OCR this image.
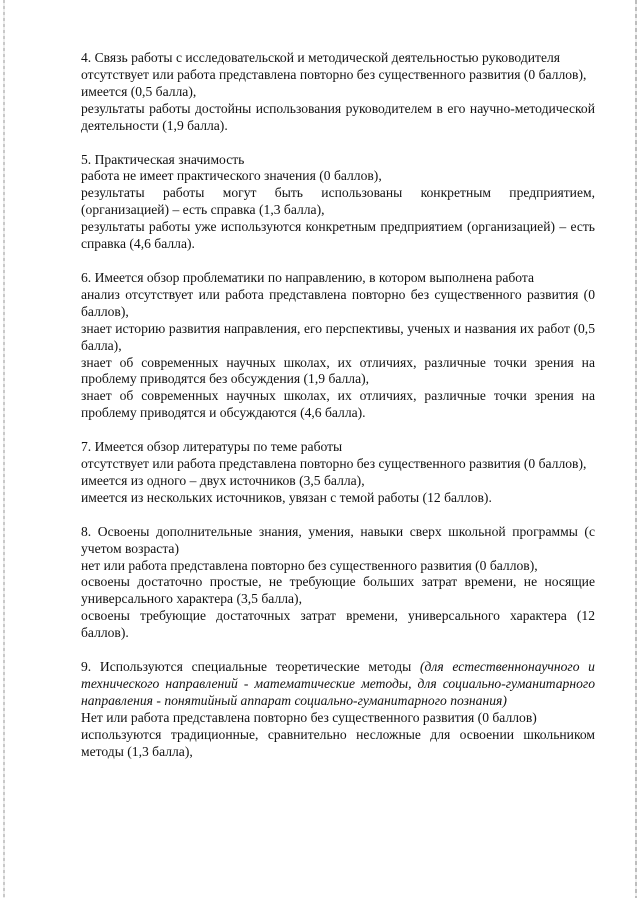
4. Связь работы с исследовательской и методической деятельностью руководителя
отсутствует или работа представлена повторно без существенного развития (0 баллов),
имеется (0,5 балла),
результаты работы достойны использования руководителем в его научно-методической деятельности (1,9 балла).
5. Практическая значимость
работа не имеет практического значения (0 баллов),
результаты работы могут быть использованы конкретным предприятием, (организацией) – есть справка (1,3 балла),
результаты работы уже используются конкретным предприятием (организацией) – есть справка (4,6 балла).
6. Имеется обзор проблематики по направлению, в котором выполнена работа
анализ отсутствует или работа представлена повторно без существенного развития (0 баллов),
знает историю развития направления, его перспективы, ученых и названия их работ (0,5 балла),
знает об современных научных школах, их отличиях, различные точки зрения на проблему приводятся без обсуждения (1,9 балла),
знает об современных научных школах, их отличиях, различные точки зрения на проблему приводятся и обсуждаются (4,6 балла).
7. Имеется обзор литературы по теме работы
отсутствует или работа представлена повторно без существенного развития (0 баллов),
имеется из одного – двух источников (3,5 балла),
имеется из нескольких источников, увязан с темой работы (12 баллов).
8. Освоены дополнительные знания, умения, навыки сверх школьной программы (с учетом возраста)
нет или работа представлена повторно без существенного развития (0 баллов),
освоены достаточно простые, не требующие больших затрат времени, не носящие универсального характера (3,5 балла),
освоены требующие достаточных затрат времени, универсального характера (12 баллов).
9. Используются специальные теоретические методы (для естественнонаучного и технического направлений - математические методы, для социально-гуманитарного направления - понятийный аппарат социально-гуманитарного познания)
Нет или работа представлена повторно без существенного развития (0 баллов)
используются традиционные, сравнительно несложные для освоении школьником методы (1,3 балла),
